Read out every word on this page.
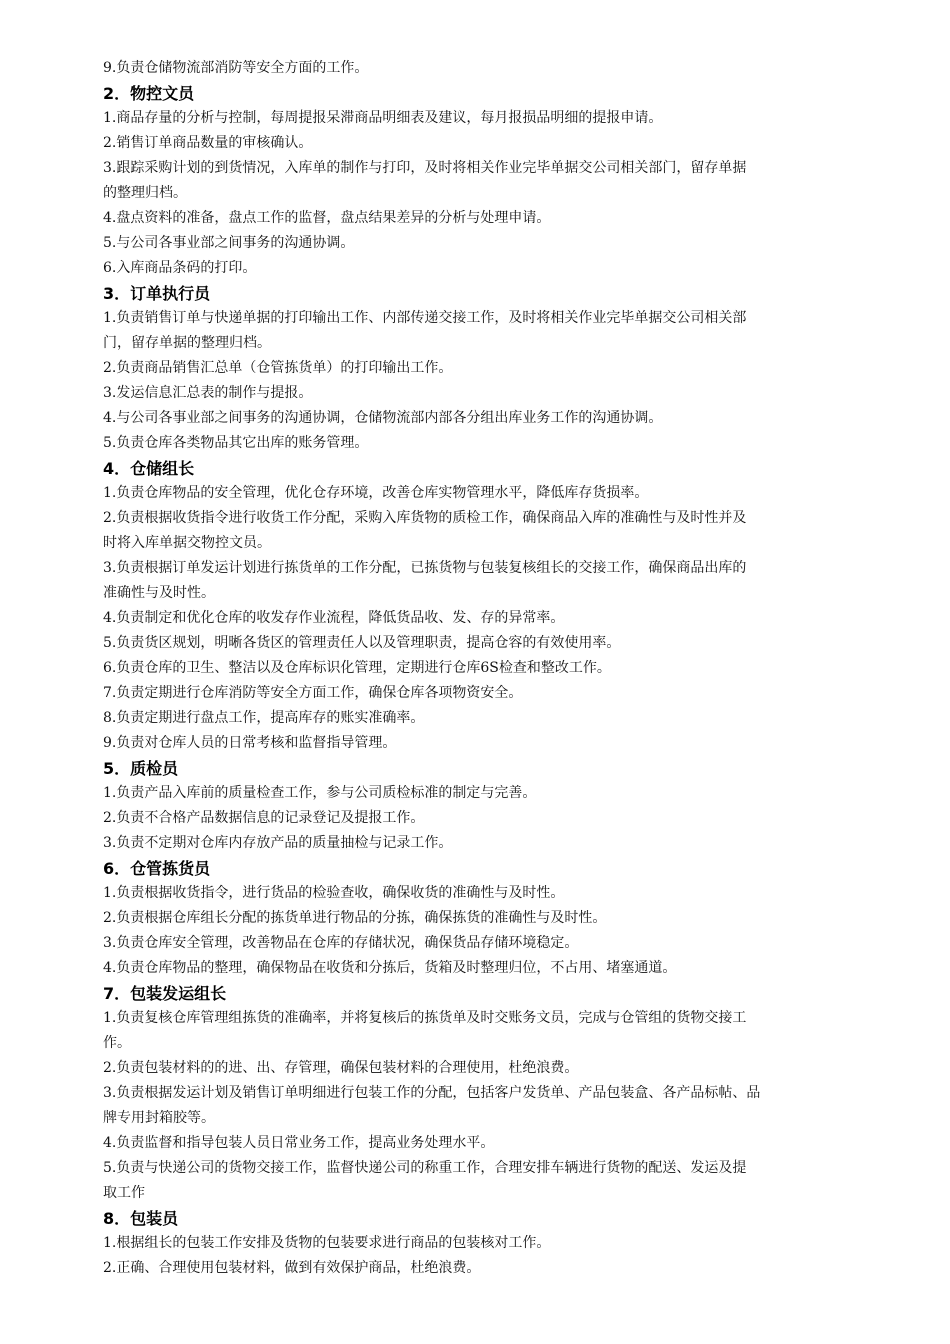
9.负责仓储物流部消防等安全方面的工作。
2．物控文员
1.商品存量的分析与控制，每周提报呆滞商品明细表及建议，每月报损品明细的提报申请。
2.销售订单商品数量的审核确认。
3.跟踪采购计划的到货情况，入库单的制作与打印，及时将相关作业完毕单据交公司相关部门，留存单据
的整理归档。
4.盘点资料的准备，盘点工作的监督，盘点结果差异的分析与处理申请。
5.与公司各事业部之间事务的沟通协调。
6.入库商品条码的打印。
3．订单执行员
1.负责销售订单与快递单据的打印输出工作、内部传递交接工作，及时将相关作业完毕单据交公司相关部
门，留存单据的整理归档。
2.负责商品销售汇总单（仓管拣货单）的打印输出工作。
3.发运信息汇总表的制作与提报。
4.与公司各事业部之间事务的沟通协调，仓储物流部内部各分组出库业务工作的沟通协调。
5.负责仓库各类物品其它出库的账务管理。
4．仓储组长
1.负责仓库物品的安全管理，优化仓存环境，改善仓库实物管理水平，降低库存货损率。
2.负责根据收货指令进行收货工作分配，采购入库货物的质检工作，确保商品入库的准确性与及时性并及
时将入库单据交物控文员。
3.负责根据订单发运计划进行拣货单的工作分配，已拣货物与包装复核组长的交接工作，确保商品出库的
准确性与及时性。
4.负责制定和优化仓库的收发存作业流程，降低货品收、发、存的异常率。
5.负责货区规划，明晰各货区的管理责任人以及管理职责，提高仓容的有效使用率。
6.负责仓库的卫生、整洁以及仓库标识化管理，定期进行仓库6S检查和整改工作。
7.负责定期进行仓库消防等安全方面工作，确保仓库各项物资安全。
8.负责定期进行盘点工作，提高库存的账实准确率。
9.负责对仓库人员的日常考核和监督指导管理。
5．质检员
1.负责产品入库前的质量检查工作，参与公司质检标准的制定与完善。
2.负责不合格产品数据信息的记录登记及提报工作。
3.负责不定期对仓库内存放产品的质量抽检与记录工作。
6．仓管拣货员
1.负责根据收货指令，进行货品的检验查收，确保收货的准确性与及时性。
2.负责根据仓库组长分配的拣货单进行物品的分拣，确保拣货的准确性与及时性。
3.负责仓库安全管理，改善物品在仓库的存储状况，确保货品存储环境稳定。
4.负责仓库物品的整理，确保物品在收货和分拣后，货箱及时整理归位，不占用、堵塞通道。
7．包装发运组长
1.负责复核仓库管理组拣货的准确率，并将复核后的拣货单及时交账务文员，完成与仓管组的货物交接工
作。
2.负责包装材料的的进、出、存管理，确保包装材料的合理使用，杜绝浪费。
3.负责根据发运计划及销售订单明细进行包装工作的分配，包括客户发货单、产品包装盒、各产品标帖、品
牌专用封箱胶等。
4.负责监督和指导包装人员日常业务工作，提高业务处理水平。
5.负责与快递公司的货物交接工作，监督快递公司的称重工作，合理安排车辆进行货物的配送、发运及提
取工作
8．包装员
1.根据组长的包装工作安排及货物的包装要求进行商品的包装核对工作。
2.正确、合理使用包装材料，做到有效保护商品，杜绝浪费。
